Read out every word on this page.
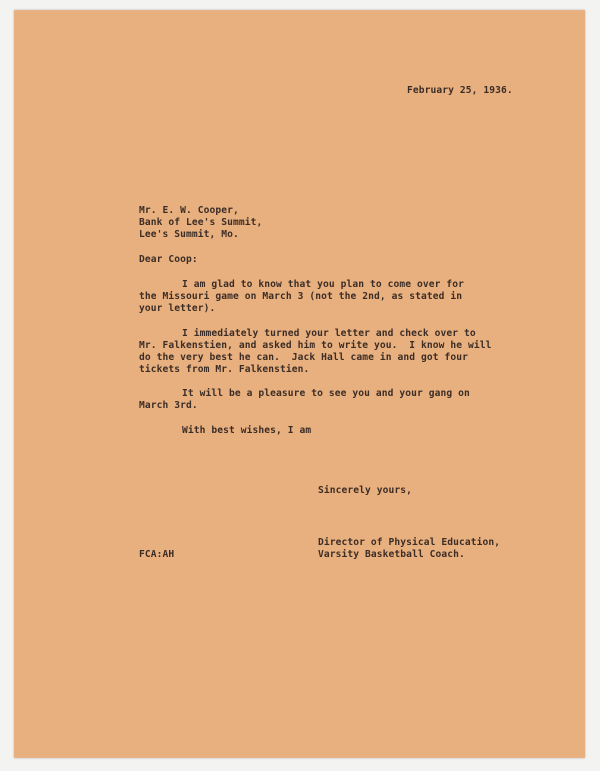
February 25, 1936.
Mr. E. W. Cooper,
Bank of Lee's Summit,
Lee's Summit, Mo.
Dear Coop:
I am glad to know that you plan to come over for
the Missouri game on March 3 (not the 2nd, as stated in
your letter).
I immediately turned your letter and check over to
Mr. Falkenstien, and asked him to write you.  I know he will
do the very best he can.  Jack Hall came in and got four
tickets from Mr. Falkenstien.
It will be a pleasure to see you and your gang on
March 3rd.
With best wishes, I am
Sincerely yours,
Director of Physical Education,
Varsity Basketball Coach.
FCA:AH
